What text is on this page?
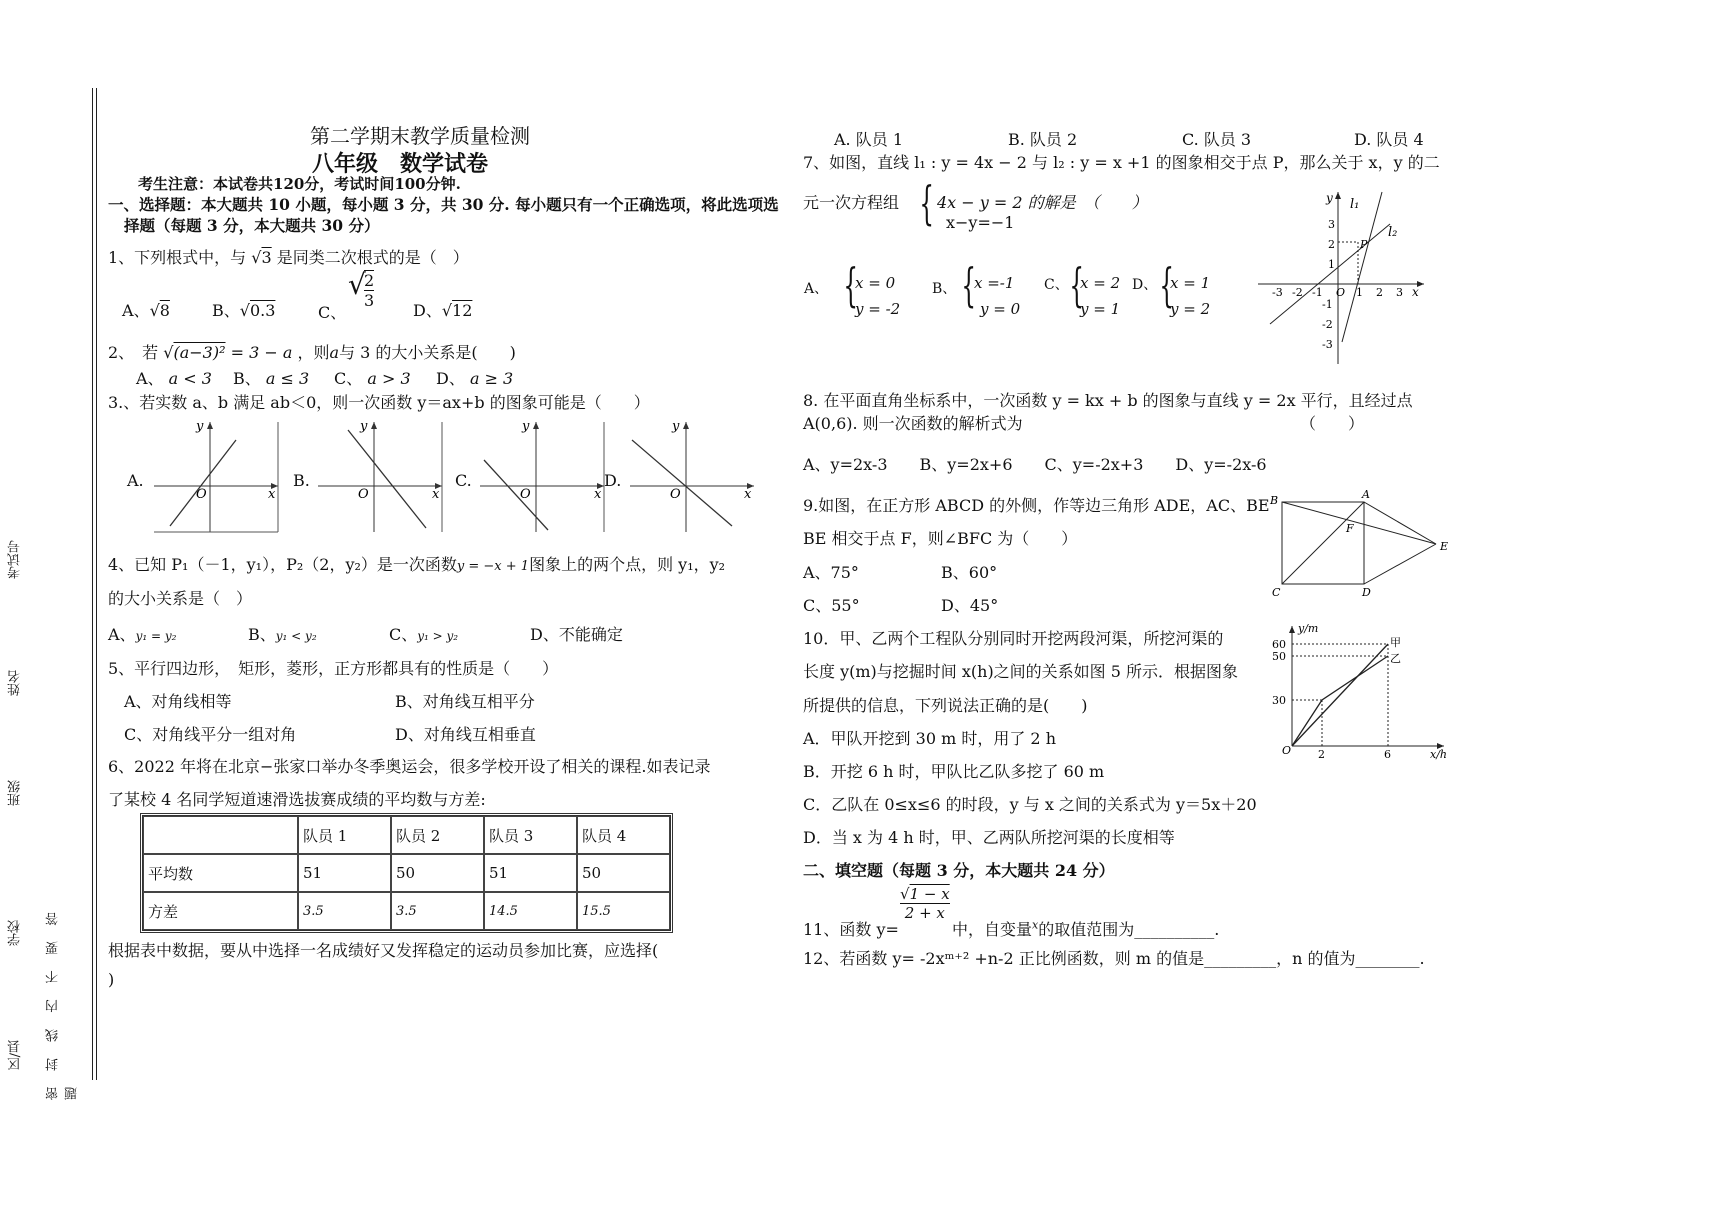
考试号
姓名
班级
学校
区/县 密 封 线 内 不 要 答 题
第二学期末教学质量检测
八年级　数学试卷
考生注意：本试卷共120分，考试时间100分钟.
一、选择题：本大题共 10 小题，每小题 3 分，共 30 分. 每小题只有一个正确选项，将此选项选
择题（每题 3 分，本大题共 30 分）
1、下列根式中，与 √3 是同类二次根式的是（　）
A、√8	B、√0.3	C、
√
2
3
D、√12
2、　若 √(a−3)² = 3 − a ，则a与 3 的大小关系是(　　)
A、 a < 3 B、 a ≤ 3 C、 a > 3 D、 a ≥ 3
3.、若实数 a、b 满足 ab＜0，则一次函数 y＝ax+b 的图象可能是（　　）
A.
O	x
y
B.
O	x
y
C.
O	x
y
D.
O	x
y
4、已知 P₁（－1，y₁），P₂（2，y₂）是一次函数y = −x + 1图象上的两个点，则 y₁，y₂
的大小关系是（　）
A、y₁ = y₂	B、y₁ < y₂	C、y₁ > y₂	D、不能确定
5、平行四边形，　矩形，菱形，正方形都具有的性质是（　　）
A、对角线相等	B、对角线互相平分
C、对角线平分一组对角	D、对角线互相垂直
6、2022 年将在北京−张家口举办冬季奥运会，很多学校开设了相关的课程.如表记录
了某校 4 名同学短道速滑选拔赛成绩的平均数与方差:
	队员 1	队员 2	队员 3	队员 4
平均数	51	50	51	50
方差	3.5	3.5	14.5	15.5
根据表中数据，要从中选择一名成绩好又发挥稳定的运动员参加比赛，应选择(
)
A. 队员 1	B. 队员 2	C. 队员 3	D. 队员 4
7、如图，直线 l₁ : y = 4x − 2 与 l₂ : y = x +1 的图象相交于点 P，那么关于 x，y 的二
元一次方程组 { 4x − y = 2 的解是　（　　）
x−y=−1
A、 {
x = 0
y = -2
B、 {
x =-1
y = 0
C、 {
x = 2
y = 1
D、 {
x = 1
y = 2
l₁
l₂
P
y
x
O
-3 -2 -1	1 2 3
3
2
1
-1
-2
-3
8. 在平面直角坐标系中，一次函数 y = kx + b 的图象与直线 y = 2x 平行，且经过点
A(0,6). 则一次函数的解析式为	（　　）
A、y=2x-3　　B、y=2x+6　　C、y=-2x+3　　D、y=-2x-6
9.如图，在正方形 ABCD 的外侧，作等边三角形 ADE，AC、BE
BE 相交于点 F，则∠BFC 为（　　）
A、75°	B、60°
C、55°	D、45°
B	A
E
C	D
F
10．甲、乙两个工程队分别同时开挖两段河渠，所挖河渠的
长度 y(m)与挖掘时间 x(h)之间的关系如图 5 所示．根据图象
所提供的信息，下列说法正确的是(　　)
A．甲队开挖到 30 m 时，用了 2 h
B．开挖 6 h 时，甲队比乙队多挖了 60 m
C．乙队在 0≤x≤6 的时段，y 与 x 之间的关系式为 y＝5x＋20
D．当 x 为 4 h 时，甲、乙两队所挖河渠的长度相等
y/m
x/h
甲
乙
O
60
50
30
2	6
二、填空题（每题 3 分，本大题共 24 分）
11、函数 y=
$\frac{√1 - x}{2 + x}$
中，自变量$^x$的取值范围为__________.
12、若函数 y= -2xᵐ⁺² +n-2 正比例函数，则 m 的值是_________，n 的值为________.
